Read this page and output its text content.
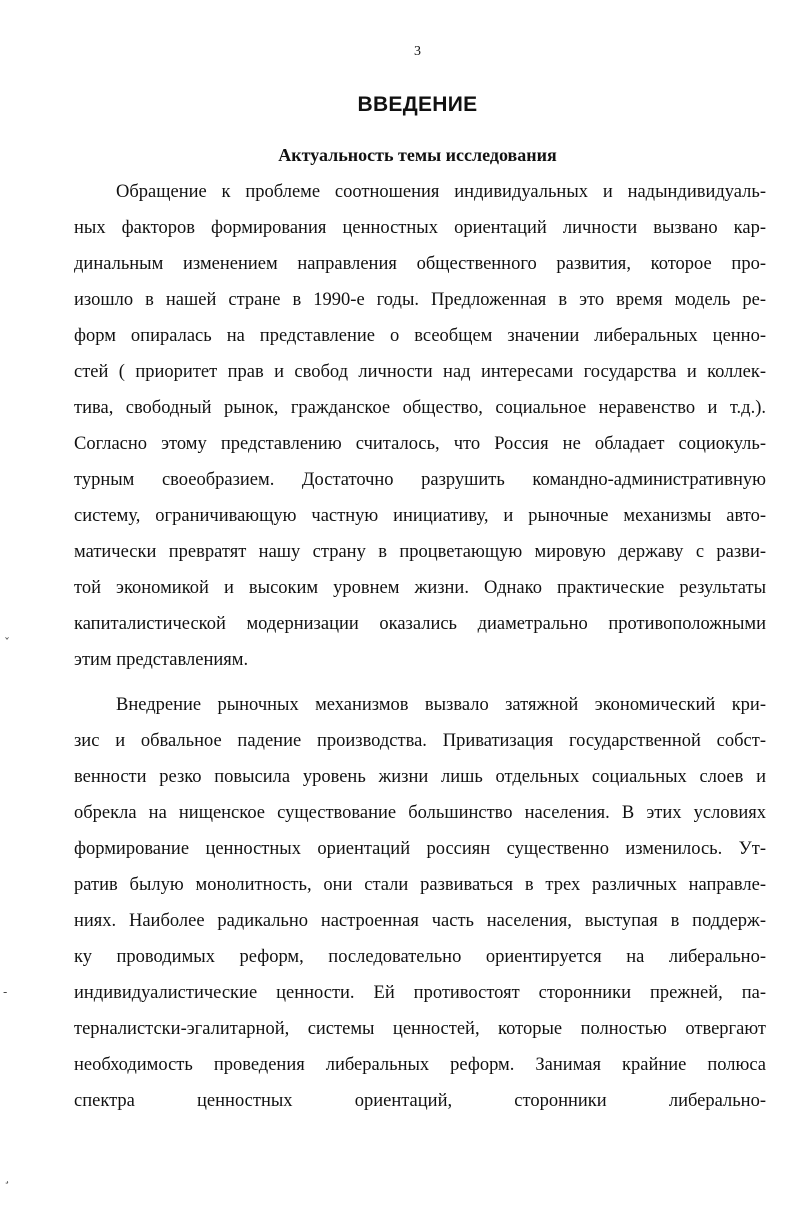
3
ВВЕДЕНИЕ
Актуальность темы исследования
Обращение к проблеме соотношения индивидуальных и надындивидуаль-
ных факторов формирования ценностных ориентаций личности вызвано кар-
динальным изменением направления общественного развития, которое про-
изошло в нашей стране в 1990-е годы. Предложенная в это время модель ре-
форм опиралась на представление о всеобщем значении либеральных ценно-
стей ( приоритет прав и свобод личности над интересами государства и коллек-
тива, свободный рынок, гражданское общество, социальное неравенство и т.д.).
Согласно этому представлению считалось, что Россия не обладает социокуль-
турным своеобразием. Достаточно разрушить командно-административную
систему, ограничивающую частную инициативу, и рыночные механизмы авто-
матически превратят нашу страну в процветающую мировую державу с разви-
той экономикой и высоким уровнем жизни. Однако практические результаты
капиталистической модернизации оказались диаметрально противоположными
этим представлениям.
Внедрение рыночных механизмов вызвало затяжной экономический кри-
зис и обвальное падение производства. Приватизация государственной собст-
венности резко повысила уровень жизни лишь отдельных социальных слоев и
обрекла на нищенское существование большинство населения. В этих условиях
формирование ценностных ориентаций россиян существенно изменилось. Ут-
ратив былую монолитность, они стали развиваться в трех различных направле-
ниях. Наиболее радикально настроенная часть населения, выступая в поддерж-
ку проводимых реформ, последовательно ориентируется на либерально-
индивидуалистические ценности. Ей противостоят сторонники прежней, па-
терналистски-эгалитарной, системы ценностей, которые полностью отвергают
необходимость проведения либеральных реформ. Занимая крайние полюса
спектра ценностных ориентаций, сторонники либерально-
ˇ
-
¸
